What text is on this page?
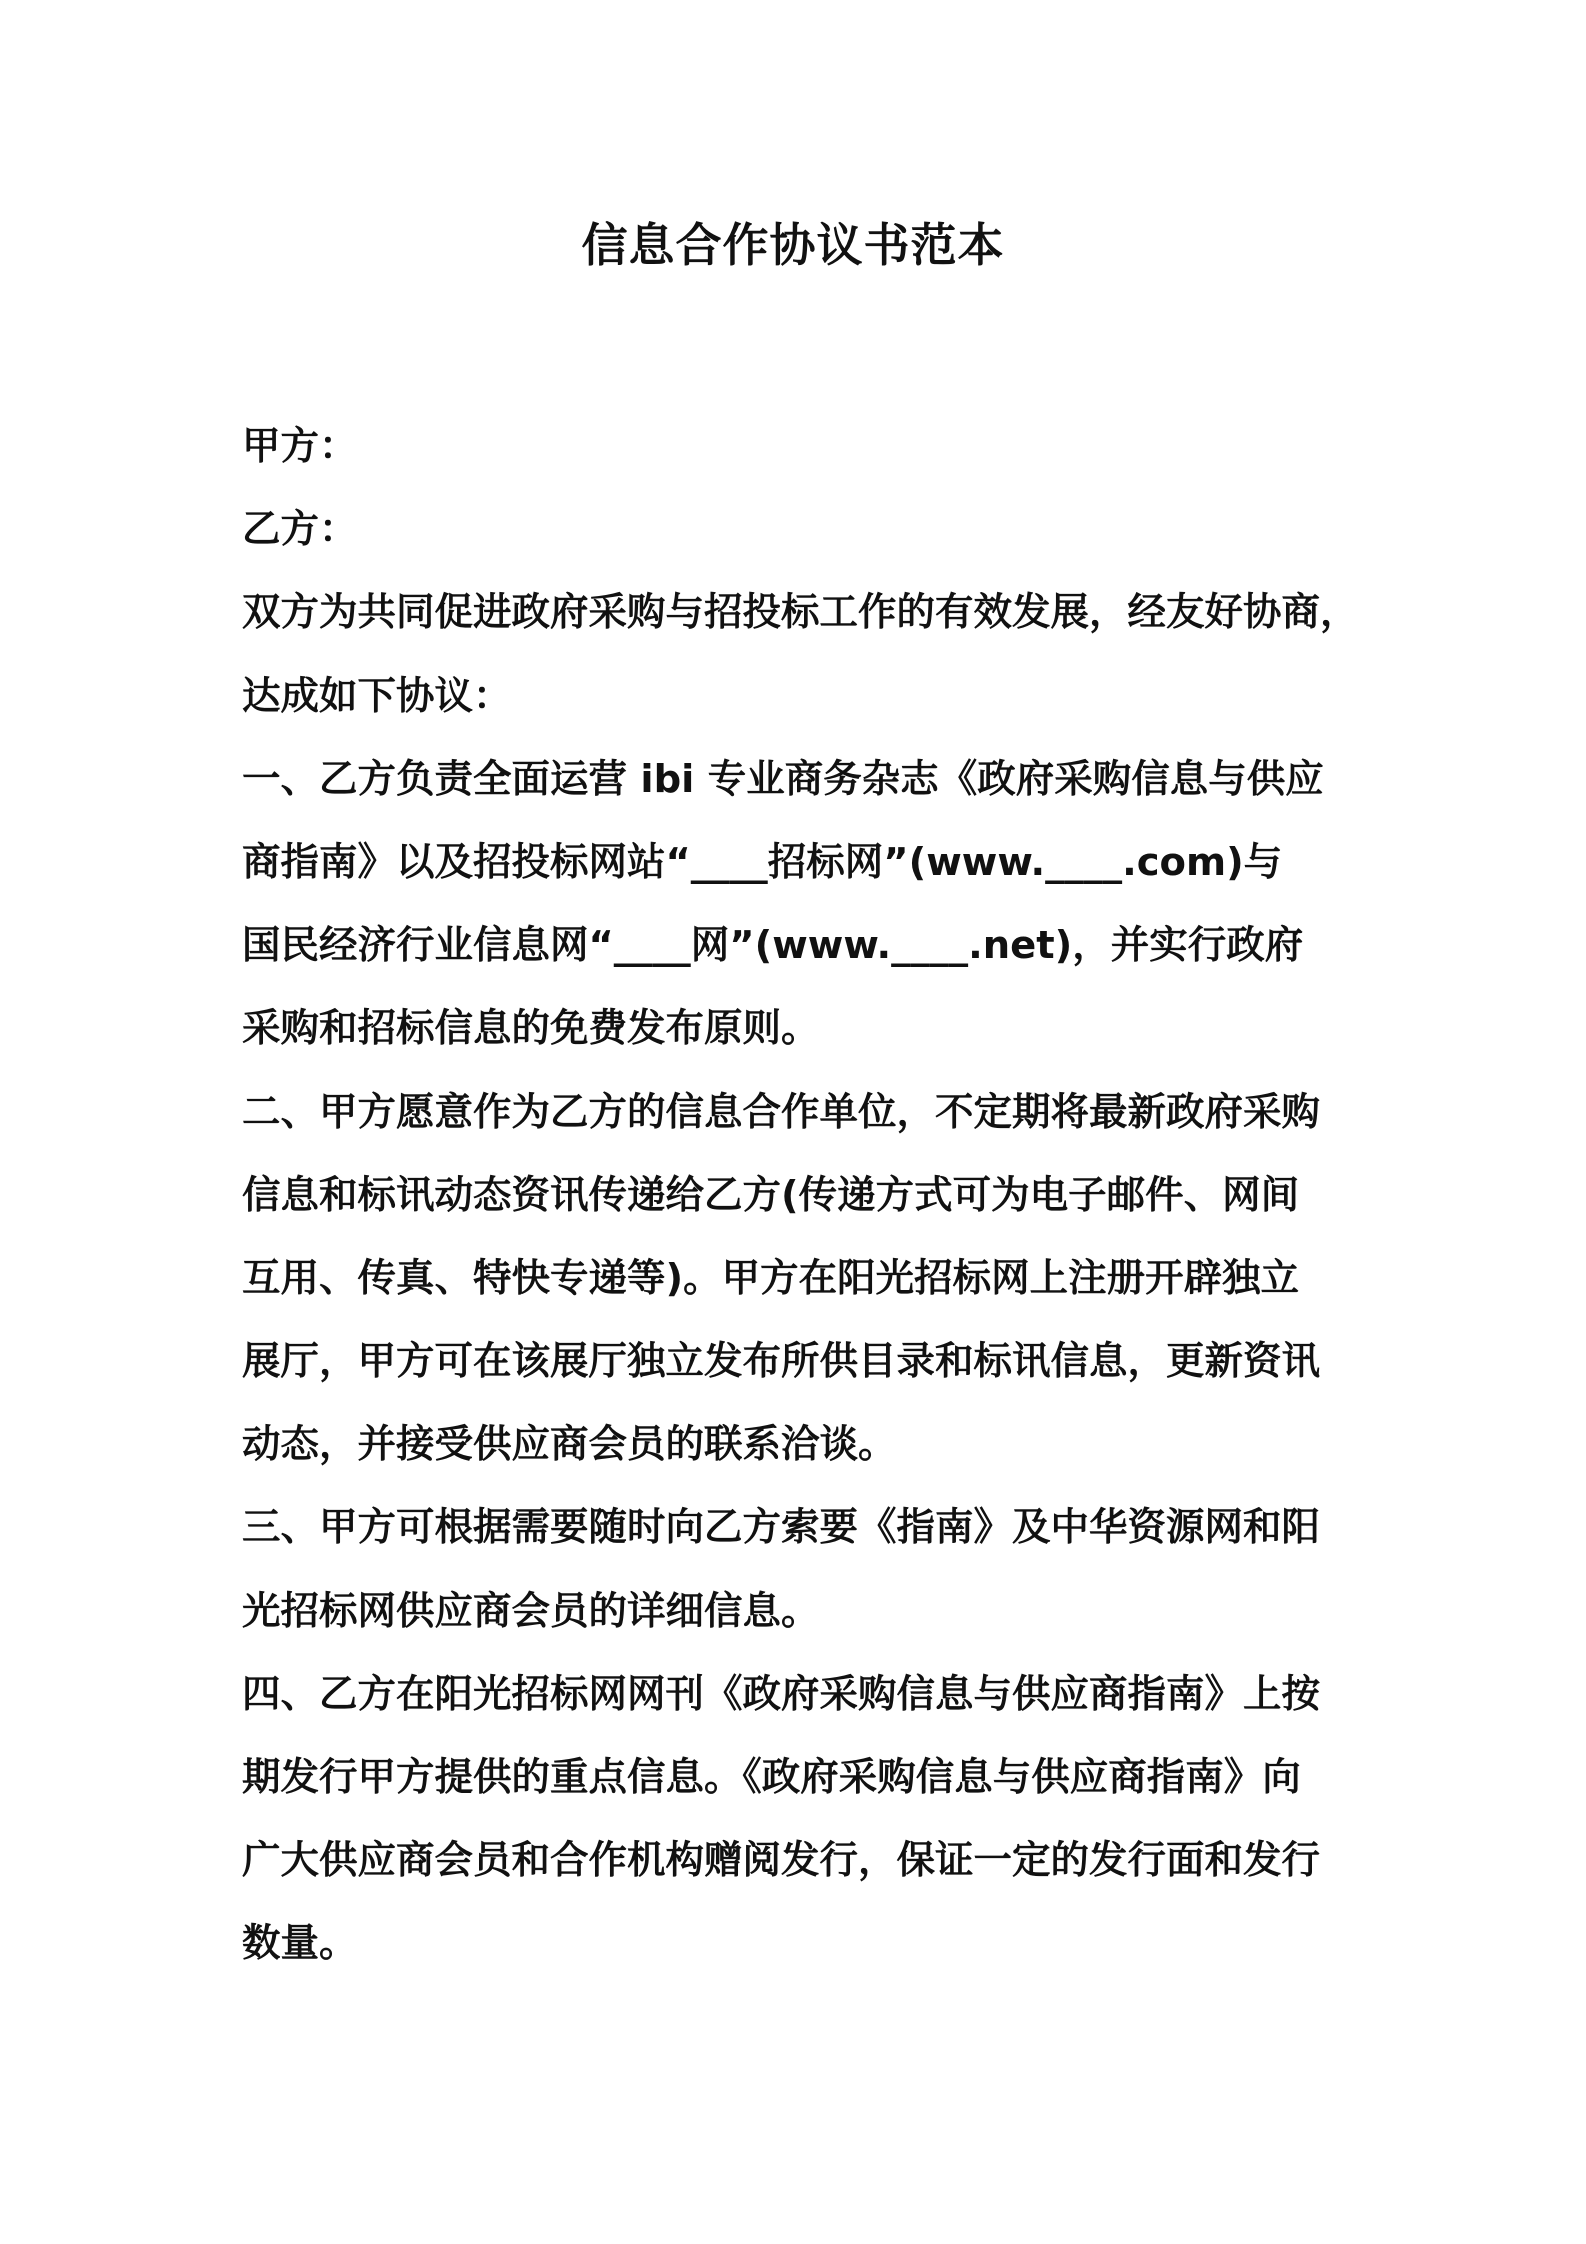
信息合作协议书范本
甲方：
乙方：
双方为共同促进政府采购与招投标工作的有效发展，经友好协商，
达成如下协议：
一、乙方负责全面运营 ibi 专业商务杂志《政府采购信息与供应
商指南》以及招投标网站“____招标网”(www.____.com)与
国民经济行业信息网“____网”(www.____.net)，并实行政府
采购和招标信息的免费发布原则。
二、甲方愿意作为乙方的信息合作单位，不定期将最新政府采购
信息和标讯动态资讯传递给乙方(传递方式可为电子邮件、网间
互用、传真、特快专递等)。甲方在阳光招标网上注册开辟独立
展厅，甲方可在该展厅独立发布所供目录和标讯信息，更新资讯
动态，并接受供应商会员的联系洽谈。
三、甲方可根据需要随时向乙方索要《指南》及中华资源网和阳
光招标网供应商会员的详细信息。
四、乙方在阳光招标网网刊《政府采购信息与供应商指南》上按
期发行甲方提供的重点信息。《政府采购信息与供应商指南》向
广大供应商会员和合作机构赠阅发行，保证一定的发行面和发行
数量。
